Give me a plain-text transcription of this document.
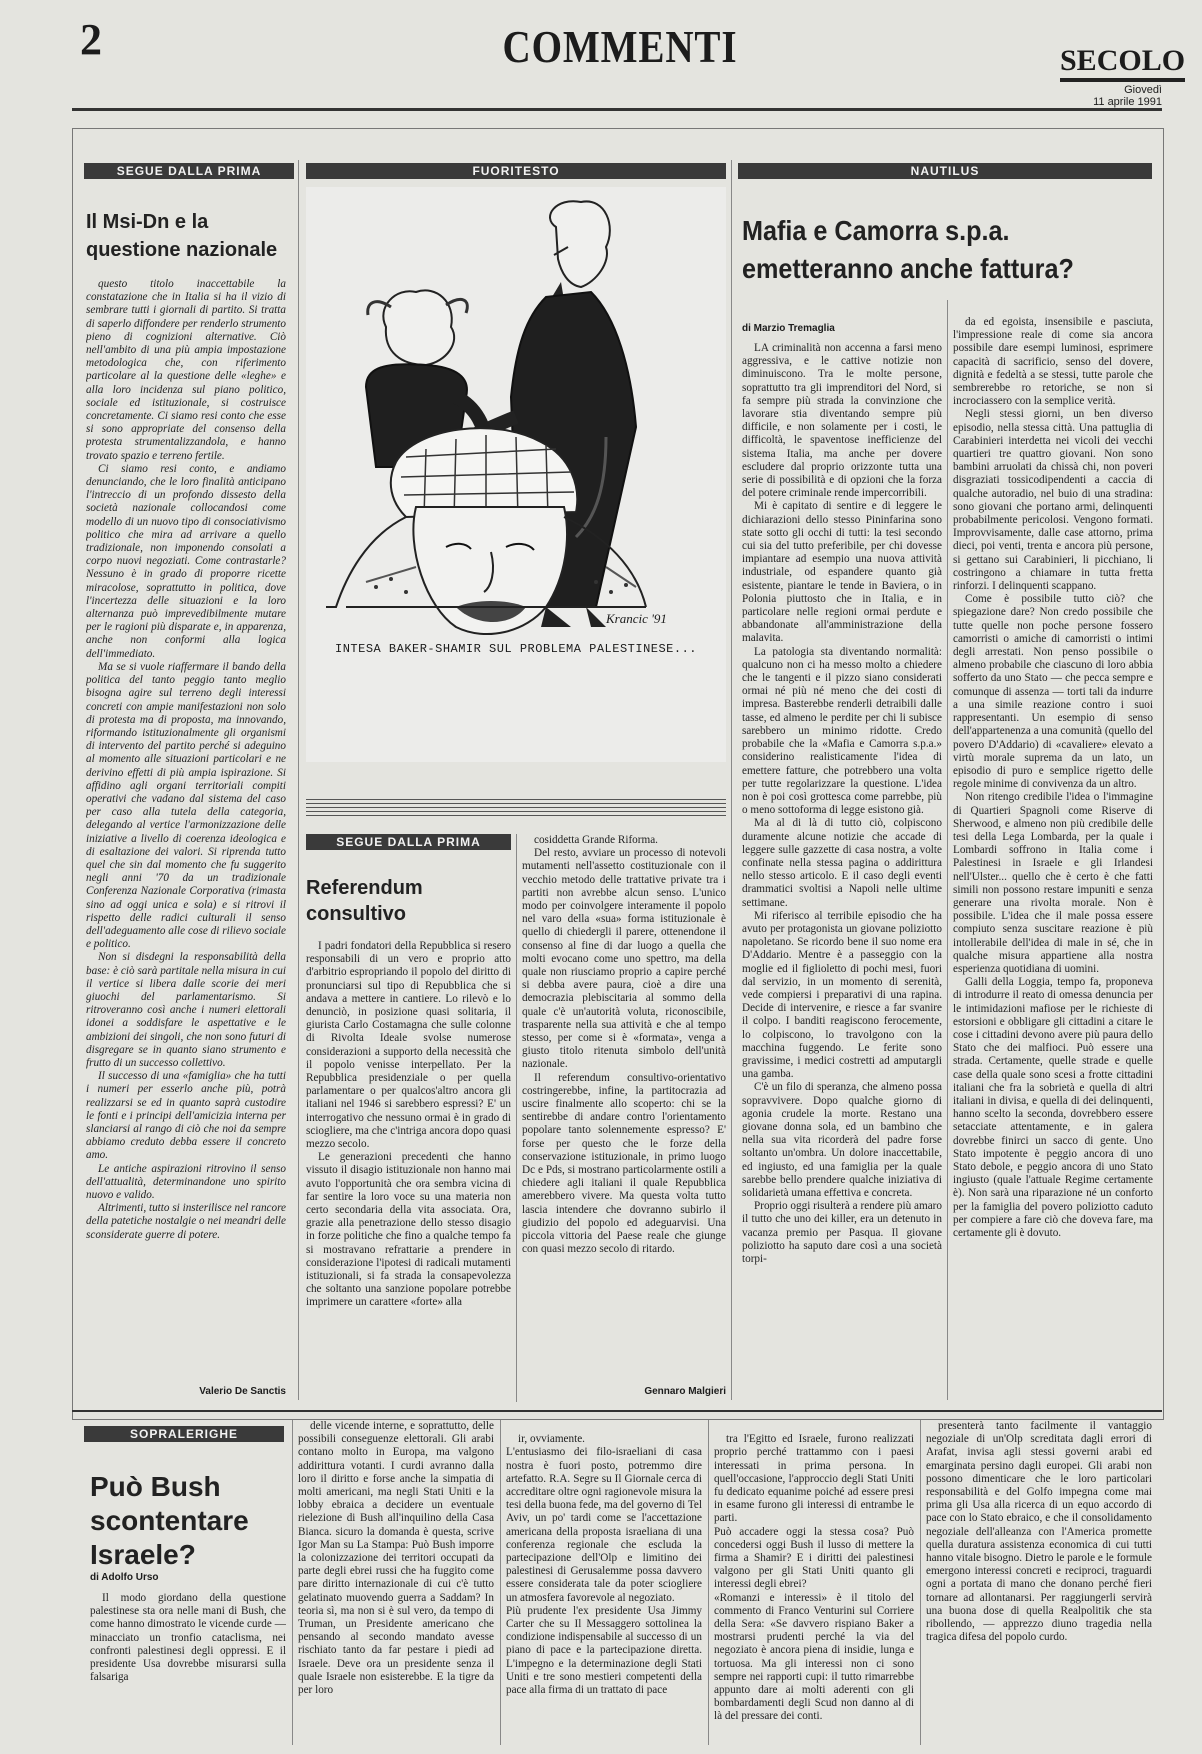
2	COMMENTI	SECOLO
Giovedì
11 aprile 1991
SEGUE DALLA PRIMA
Il Msi-Dn e la questione nazionale

questo titolo inaccettabile la constatazione che in Italia si ha il vizio di sembrare tutti i giornali di partito. Si tratta di saperlo diffondere per renderlo strumento pieno di cognizioni alternative. Ciò nell'ambito di una più ampia impostazione metodologica che, con riferimento particolare al la questione delle «leghe» e alla loro incidenza sul piano politico, sociale ed istituzionale, si costruisce concretamente. Ci siamo resi conto che esse si sono appropriate del consenso della protesta strumentalizzandola, e hanno trovato spazio e terreno fertile.

Ci siamo resi conto, e andiamo denunciando, che le loro finalità anticipano l'intreccio di un profondo dissesto della società nazionale collocandosi come modello di un nuovo tipo di consociativismo politico che mira ad arrivare a quello tradizionale, non imponendo consolati a corpo nuovi negoziati. Come contrastarle? Nessuno è in grado di proporre ricette miracolose, soprattutto in politica, dove l'incertezza delle situazioni e la loro alternanza può imprevedibilmente mutare per le ragioni più disparate e, in apparenza, anche non conformi alla logica dell'immediato.

Ma se si vuole riaffermare il bando della politica del tanto peggio tanto meglio bisogna agire sul terreno degli interessi concreti con ampie manifestazioni non solo di protesta ma di proposta, ma innovando, riformando istituzionalmente gli organismi di intervento del partito perché si adeguino al momento alle situazioni particolari e ne derivino effetti di più ampia ispirazione. Si affidino agli organi territoriali compiti operativi che vadano dal sistema del caso per caso alla tutela della categoria, delegando al vertice l'armonizzazione delle iniziative a livello di coerenza ideologica e di esaltazione dei valori. Si riprenda tutto quel che sin dal momento che fu suggerito negli anni '70 da un tradizionale Conferenza Nazionale Corporativa (rimasta sino ad oggi unica e sola) e si ritrovi il rispetto delle radici culturali il senso dell'adeguamento alle cose di rilievo sociale e politico.

Non si disdegni la responsabilità della base: è ciò sarà partitale nella misura in cui il vertice si libera dalle scorie dei meri giuochi del parlamentarismo. Si ritroveranno così anche i numeri elettorali idonei a soddisfare le aspettative e le ambizioni dei singoli, che non sono futuri di disgregare se in quanto siano strumento e frutto di un successo collettivo.

Il successo di una «famiglia» che ha tutti i numeri per esserlo anche più, potrà realizzarsi se ed in quanto saprà custodire le fonti e i principi dell'amicizia interna per slanciarsi al rango di ciò che noi da sempre abbiamo creduto debba essere il concreto amo.

Le antiche aspirazioni ritrovino il senso dell'attualità, determinandone uno spirito nuovo e valido.

Altrimenti, tutto si insterilisce nel rancore della patetiche nostalgie o nei meandri delle sconsiderate guerre di potere.

Valerio De Sanctis
FUORITESTO
Krancic '91
INTESA BAKER-SHAMIR SUL PROBLEMA PALESTINESE...
SEGUE DALLA PRIMA
Referendum consultivo

I padri fondatori della Repubblica si resero responsabili di un vero e proprio atto d'arbitrio espropriando il popolo del diritto di pronunciarsi sul tipo di Repubblica che si andava a mettere in cantiere. Lo rilevò e lo denunciò, in posizione quasi solitaria, il giurista Carlo Costamagna che sulle colonne di Rivolta Ideale svolse numerose considerazioni a supporto della necessità che il popolo venisse interpellato. Per la Repubblica presidenziale o per quella parlamentare o per qualcos'altro ancora gli italiani nel 1946 si sarebbero espressi? E' un interrogativo che nessuno ormai è in grado di sciogliere, ma che c'intriga ancora dopo quasi mezzo secolo.

Le generazioni precedenti che hanno vissuto il disagio istituzionale non hanno mai avuto l'opportunità che ora sembra vicina di far sentire la loro voce su una materia non certo secondaria della vita associata. Ora, grazie alla penetrazione dello stesso disagio in forze politiche che fino a qualche tempo fa si mostravano refrattarie a prendere in considerazione l'ipotesi di radicali mutamenti istituzionali, si fa strada la consapevolezza che soltanto una sanzione popolare potrebbe imprimere un carattere «forte» alla

cosiddetta Grande Riforma.

Del resto, avviare un processo di notevoli mutamenti nell'assetto costituzionale con il vecchio metodo delle trattative private tra i partiti non avrebbe alcun senso. L'unico modo per coinvolgere interamente il popolo nel varo della «sua» forma istituzionale è quello di chiedergli il parere, ottenendone il consenso al fine di dar luogo a quella che molti evocano come uno spettro, ma della quale non riusciamo proprio a capire perché si debba avere paura, cioè a dire una democrazia plebiscitaria al sommo della quale c'è un'autorità voluta, riconoscibile, trasparente nella sua attività e che al tempo stesso, per come si è «formata», venga a giusto titolo ritenuta simbolo dell'unità nazionale.

Il referendum consultivo-orientativo costringerebbe, infine, la partitocrazia ad uscire finalmente allo scoperto: chi se la sentirebbe di andare contro l'orientamento popolare tanto solennemente espresso? E' forse per questo che le forze della conservazione istituzionale, in primo luogo Dc e Pds, si mostrano particolarmente ostili a chiedere agli italiani il quale Repubblica amerebbero vivere. Ma questa volta tutto lascia intendere che dovranno subirlo il giudizio del popolo ed adeguarvisi. Una piccola vittoria del Paese reale che giunge con quasi mezzo secolo di ritardo.

Gennaro Malgieri
NAUTILUS
Mafia e Camorra s.p.a. emetteranno anche fattura?
di Marzio Tremaglia

LA criminalità non accenna a farsi meno aggressiva, e le cattive notizie non diminuiscono. Tra le molte persone, soprattutto tra gli imprenditori del Nord, si fa sempre più strada la convinzione che lavorare stia diventando sempre più difficile, e non solamente per i costi, le difficoltà, le spaventose inefficienze del sistema Italia, ma anche per dovere escludere dal proprio orizzonte tutta una serie di possibilità e di opzioni che la forza del potere criminale rende impercorribili.

Mi è capitato di sentire e di leggere le dichiarazioni dello stesso Pininfarina sono state sotto gli occhi di tutti: la tesi secondo cui sia del tutto preferibile, per chi dovesse impiantare ad esempio una nuova attività industriale, od espandere quanto già esistente, piantare le tende in Baviera, o in Polonia piuttosto che in Italia, e in particolare nelle regioni ormai perdute e abbandonate all'amministrazione della malavita.

La patologia sta diventando normalità: qualcuno non ci ha messo molto a chiedere che le tangenti e il pizzo siano considerati ormai né più né meno che dei costi di impresa. Basterebbe renderli detraibili dalle tasse, ed almeno le perdite per chi li subisce sarebbero un minimo ridotte. Credo probabile che la «Mafia e Camorra s.p.a.» considerino realisticamente l'idea di emettere fatture, che potrebbero una volta per tutte regolarizzare la questione. L'idea non è poi così grottesca come parrebbe, più o meno sottoforma di legge esistono già.

Ma al di là di tutto ciò, colpiscono duramente alcune notizie che accade di leggere sulle gazzette di casa nostra, a volte confinate nella stessa pagina o addirittura nello stesso articolo. E il caso degli eventi drammatici svoltisi a Napoli nelle ultime settimane.

Mi riferisco al terribile episodio che ha avuto per protagonista un giovane poliziotto napoletano. Se ricordo bene il suo nome era D'Addario. Mentre è a passeggio con la moglie ed il figlioletto di pochi mesi, fuori dal servizio, in un momento di serenità, vede compiersi i preparativi di una rapina. Decide di intervenire, e riesce a far svanire il colpo. I banditi reagiscono ferocemente, lo colpiscono, lo travolgono con la macchina fuggendo. Le ferite sono gravissime, i medici costretti ad amputargli una gamba.

C'è un filo di speranza, che almeno possa sopravvivere. Dopo qualche giorno di agonia crudele la morte. Restano una giovane donna sola, ed un bambino che nella sua vita ricorderà del padre forse soltanto un'ombra. Un dolore inaccettabile, ed ingiusto, ed una famiglia per la quale sarebbe bello prendere qualche iniziativa di solidarietà umana effettiva e concreta.

Proprio oggi risulterà a rendere più amaro il tutto che uno dei killer, era un detenuto in vacanza premio per Pasqua. Il giovane poliziotto ha saputo dare così a una società torpi-

da ed egoista, insensibile e pasciuta, l'impressione reale di come sia ancora possibile dare esempi luminosi, esprimere capacità di sacrificio, senso del dovere, dignità e fedeltà a se stessi, tutte parole che sembrerebbe ro retoriche, se non si incrociassero con la semplice verità.

Negli stessi giorni, un ben diverso episodio, nella stessa città. Una pattuglia di Carabinieri interdetta nei vicoli dei vecchi quartieri tre quattro giovani. Non sono bambini arruolati da chissà chi, non poveri disgraziati tossicodipendenti a caccia di qualche autoradio, nel buio di una stradina: sono giovani che portano armi, delinquenti probabilmente pericolosi. Vengono formati. Improvvisamente, dalle case attorno, prima dieci, poi venti, trenta e ancora più persone, si gettano sui Carabinieri, li picchiano, li costringono a chiamare in tutta fretta rinforzi. I delinquenti scappano.

Come è possibile tutto ciò? che spiegazione dare? Non credo possibile che tutte quelle non poche persone fossero camorristi o amiche di camorristi o intimi degli arrestati. Non penso possibile o almeno probabile che ciascuno di loro abbia sofferto da uno Stato — che pecca sempre e comunque di assenza — torti tali da indurre a una simile reazione contro i suoi rappresentanti. Un esempio di senso dell'appartenenza a una comunità (quello del povero D'Addario) di «cavaliere» elevato a virtù morale suprema da un lato, un episodio di puro e semplice rigetto delle regole minime di convivenza da un altro.

Non ritengo credibile l'idea o l'immagine di Quartieri Spagnoli come Riserve di Sherwood, e almeno non più credibile delle tesi della Lega Lombarda, per la quale i Lombardi soffrono in Italia come i Palestinesi in Israele e gli Irlandesi nell'Ulster... quello che è certo è che fatti simili non possono restare impuniti e senza generare una rivolta morale. Non è possibile. L'idea che il male possa essere compiuto senza suscitare reazione è più intollerabile dell'idea di male in sé, che in qualche misura appartiene alla nostra esperienza quotidiana di uomini.

Galli della Loggia, tempo fa, proponeva di introdurre il reato di omessa denuncia per le intimidazioni mafiose per le richieste di estorsioni e obbligare gli cittadini a citare le cose i cittadini devono avere più paura dello Stato che dei malfioci. Può essere una strada. Certamente, quelle strade e quelle case della quale sono scesi a frotte cittadini italiani che fra la sobrietà e quella di altri italiani in divisa, e quella di dei delinquenti, hanno scelto la seconda, dovrebbero essere setacciate attentamente, e in galera dovrebbe finirci un sacco di gente. Uno Stato impotente è peggio ancora di uno Stato debole, e peggio ancora di uno Stato ingiusto (quale l'attuale Regime certamente è). Non sarà una riparazione né un conforto per la famiglia del povero poliziotto caduto per compiere a fare ciò che doveva fare, ma certamente gli è dovuto.

SOPRALERIGHE
Può Bush scontentare Israele?
di Adolfo Urso

Il modo giordano della questione palestinese sta ora nelle mani di Bush, che come hanno dimostrato le vicende curde — minacciato un tronfio cataclisma, nei confronti palestinesi degli oppressi. E il presidente Usa dovrebbe misurarsi sulla falsariga

delle vicende interne, e soprattutto, delle possibili conseguenze elettorali. Gli arabi contano molto in Europa, ma valgono addirittura votanti. I curdi avranno dalla loro il diritto e forse anche la simpatia di molti americani, ma negli Stati Uniti e la lobby ebraica a decidere un eventuale rielezione di Bush all'inquilino della Casa Bianca. sicuro la domanda è questa, scrive Igor Man su La Stampa: Può Bush imporre la colonizzazione dei territori occupati da parte degli ebrei russi che ha fuggito come pare diritto internazionale di cui c'è tutto gelatinato muovendo guerra a Saddam? In teoria sì, ma non si è sul vero, da tempo di Truman, un Presidente americano che pensando al secondo mandato avesse rischiato tanto da far pestare i piedi ad Israele. Deve ora un presidente senza il quale Israele non esisterebbe. E la tigre da per loro

ir, ovviamente.
L'entusiasmo dei filo-israeliani di casa nostra è fuori posto, potremmo dire artefatto. R.A. Segre su Il Giornale cerca di accreditare oltre ogni ragionevole misura la tesi della buona fede, ma del governo di Tel Aviv, un po' tardi come se l'accettazione americana della proposta israeliana di una conferenza regionale che escluda la partecipazione dell'Olp e limitino dei palestinesi di Gerusalemme possa davvero essere considerata tale da poter sciogliere un atmosfera favorevole al negoziato.
Più prudente l'ex presidente Usa Jimmy Carter che su Il Messaggero sottolinea la condizione indispensabile al successo di un piano di pace e la partecipazione diretta. L'impegno e la determinazione degli Stati Uniti e tre sono mestieri competenti della pace alla firma di un trattato di pace

tra l'Egitto ed Israele, furono realizzati proprio perché trattammo con i paesi interessati in prima persona. In quell'occasione, l'approccio degli Stati Uniti fu dedicato equanime poiché ad essere presi in esame furono gli interessi di entrambe le parti.
Può accadere oggi la stessa cosa? Può concedersi oggi Bush il lusso di mettere la firma a Shamir? E i diritti dei palestinesi valgono per gli Stati Uniti quanto gli interessi degli ebrei?
«Romanzi e interessi» è il titolo del commento di Franco Venturini sul Corriere della Sera: «Se davvero rispiano Baker a mostrarsi prudenti perché la via del negoziato è ancora piena di insidie, lunga e tortuosa. Ma gli interessi non ci sono sempre nei rapporti cupi: il tutto rimarrebbe appunto dare ai molti aderenti con gli bombardamenti degli Scud non danno al di là del pressare dei conti.

presenterà tanto facilmente il vantaggio negoziale di un'Olp screditata dagli errori di Arafat, invisa agli stessi governi arabi ed emarginata persino dagli europei. Gli arabi non possono dimenticare che le loro particolari responsabilità e del Golfo impegna come mai prima gli Usa alla ricerca di un equo accordo di pace con lo Stato ebraico, e che il consolidamento negoziale dell'alleanza con l'America promette quella duratura assistenza economica di cui tutti hanno vitale bisogno. Dietro le parole e le formule emergono interessi concreti e reciproci, traguardi ogni a portata di mano che donano perché fieri tornare ad allontanarsi. Per raggiungerli servirà una buona dose di quella Realpolitik che sta ribollendo, — apprezzo diuno tragedia nella tragica difesa del popolo curdo.
